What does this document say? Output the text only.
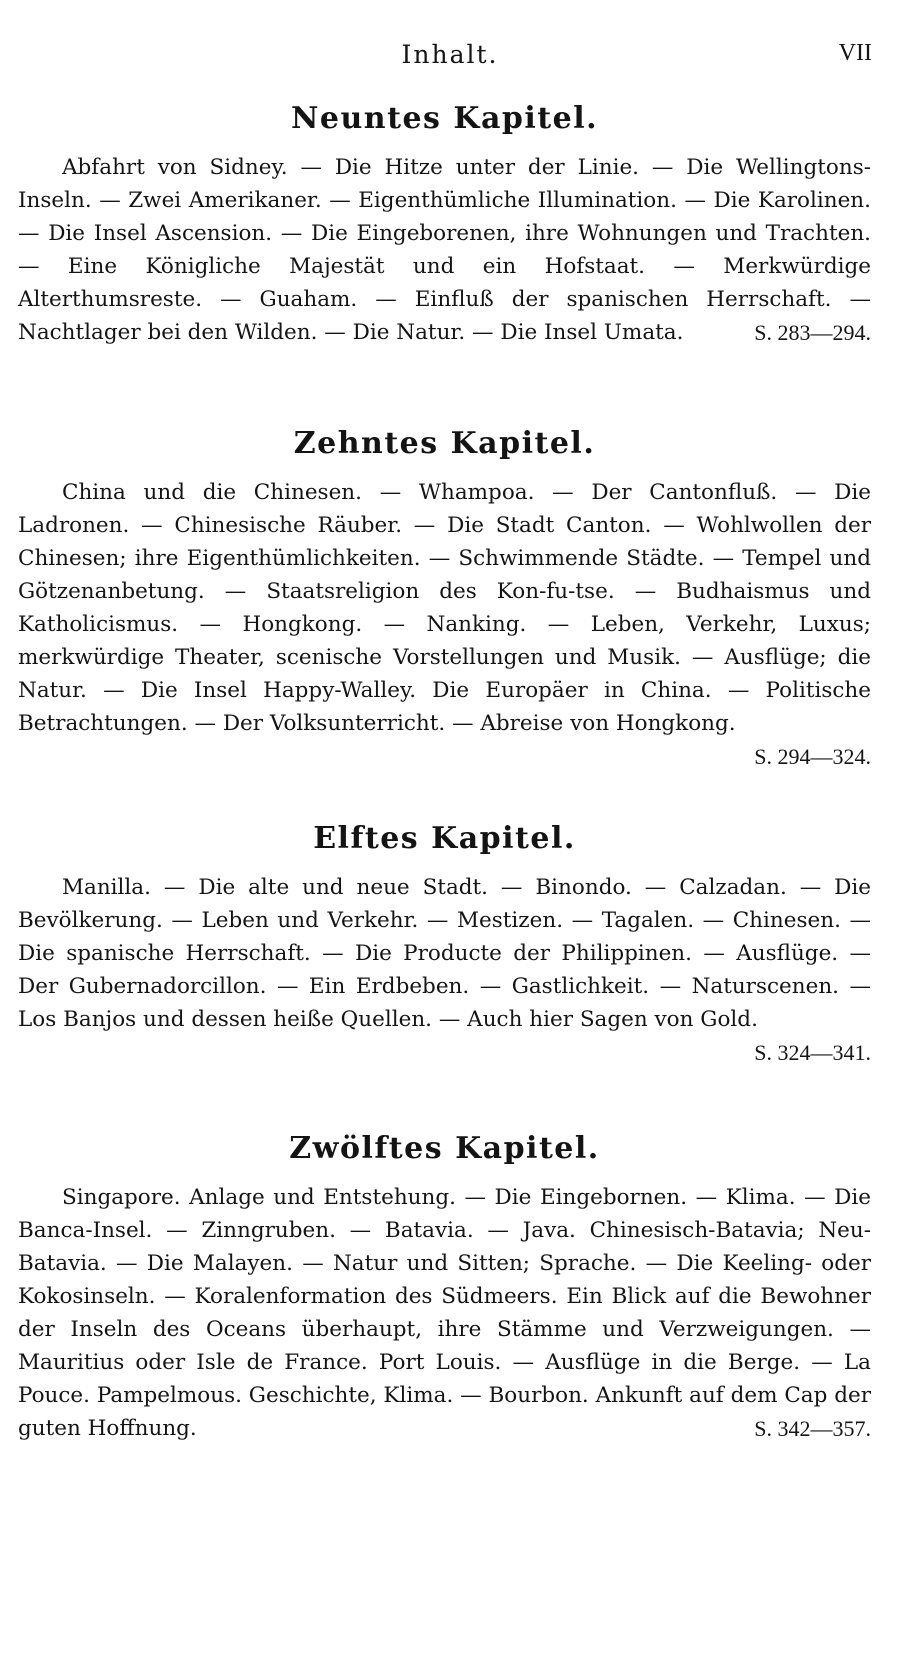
Inhalt.	VII
Neuntes Kapitel.

Abfahrt von Sidney. — Die Hitze unter der Linie. — Die Wellingtons-Inseln. — Zwei Amerikaner. — Eigenthümliche Illumination. — Die Karolinen. — Die Insel Ascension. — Die Eingeborenen, ihre Wohnungen und Trachten. — Eine Königliche Majestät und ein Hofstaat. — Merkwürdige Alterthumsreste. — Guaham. — Einfluß der spanischen Herrschaft. — Nachtlager bei den Wilden. — Die Natur. — Die Insel Umata.	S. 283—294.

Zehntes Kapitel.

China und die Chinesen. — Whampoa. — Der Cantonfluß. — Die Ladronen. — Chinesische Räuber. — Die Stadt Canton. — Wohlwollen der Chinesen; ihre Eigenthümlichkeiten. — Schwimmende Städte. — Tempel und Götzenanbetung. — Staatsreligion des Kon-fu-tse. — Budhaismus und Katholicismus. — Hongkong. — Nanking. — Leben, Verkehr, Luxus; merkwürdige Theater, scenische Vorstellungen und Musik. — Ausflüge; die Natur. — Die Insel Happy-Walley. Die Europäer in China. — Politische Betrachtungen. — Der Volksunterricht. — Abreise von Hongkong.
S. 294—324.

Elftes Kapitel.

Manilla. — Die alte und neue Stadt. — Binondo. — Calzadan. — Die Bevölkerung. — Leben und Verkehr. — Mestizen. — Tagalen. — Chinesen. — Die spanische Herrschaft. — Die Producte der Philippinen. — Ausflüge. — Der Gubernadorcillon. — Ein Erdbeben. — Gastlichkeit. — Naturscenen. — Los Banjos und dessen heiße Quellen. — Auch hier Sagen von Gold.
S. 324—341.

Zwölftes Kapitel.

Singapore. Anlage und Entstehung. — Die Eingebornen. — Klima. — Die Banca-Insel. — Zinngruben. — Batavia. — Java. Chinesisch-Batavia; Neu-Batavia. — Die Malayen. — Natur und Sitten; Sprache. — Die Keeling- oder Kokosinseln. — Koralenformation des Südmeers. Ein Blick auf die Bewohner der Inseln des Oceans überhaupt, ihre Stämme und Verzweigungen. — Mauritius oder Isle de France. Port Louis. — Ausflüge in die Berge. — La Pouce. Pampelmous. Geschichte, Klima. — Bourbon. Ankunft auf dem Cap der guten Hoffnung.	S. 342—357.
